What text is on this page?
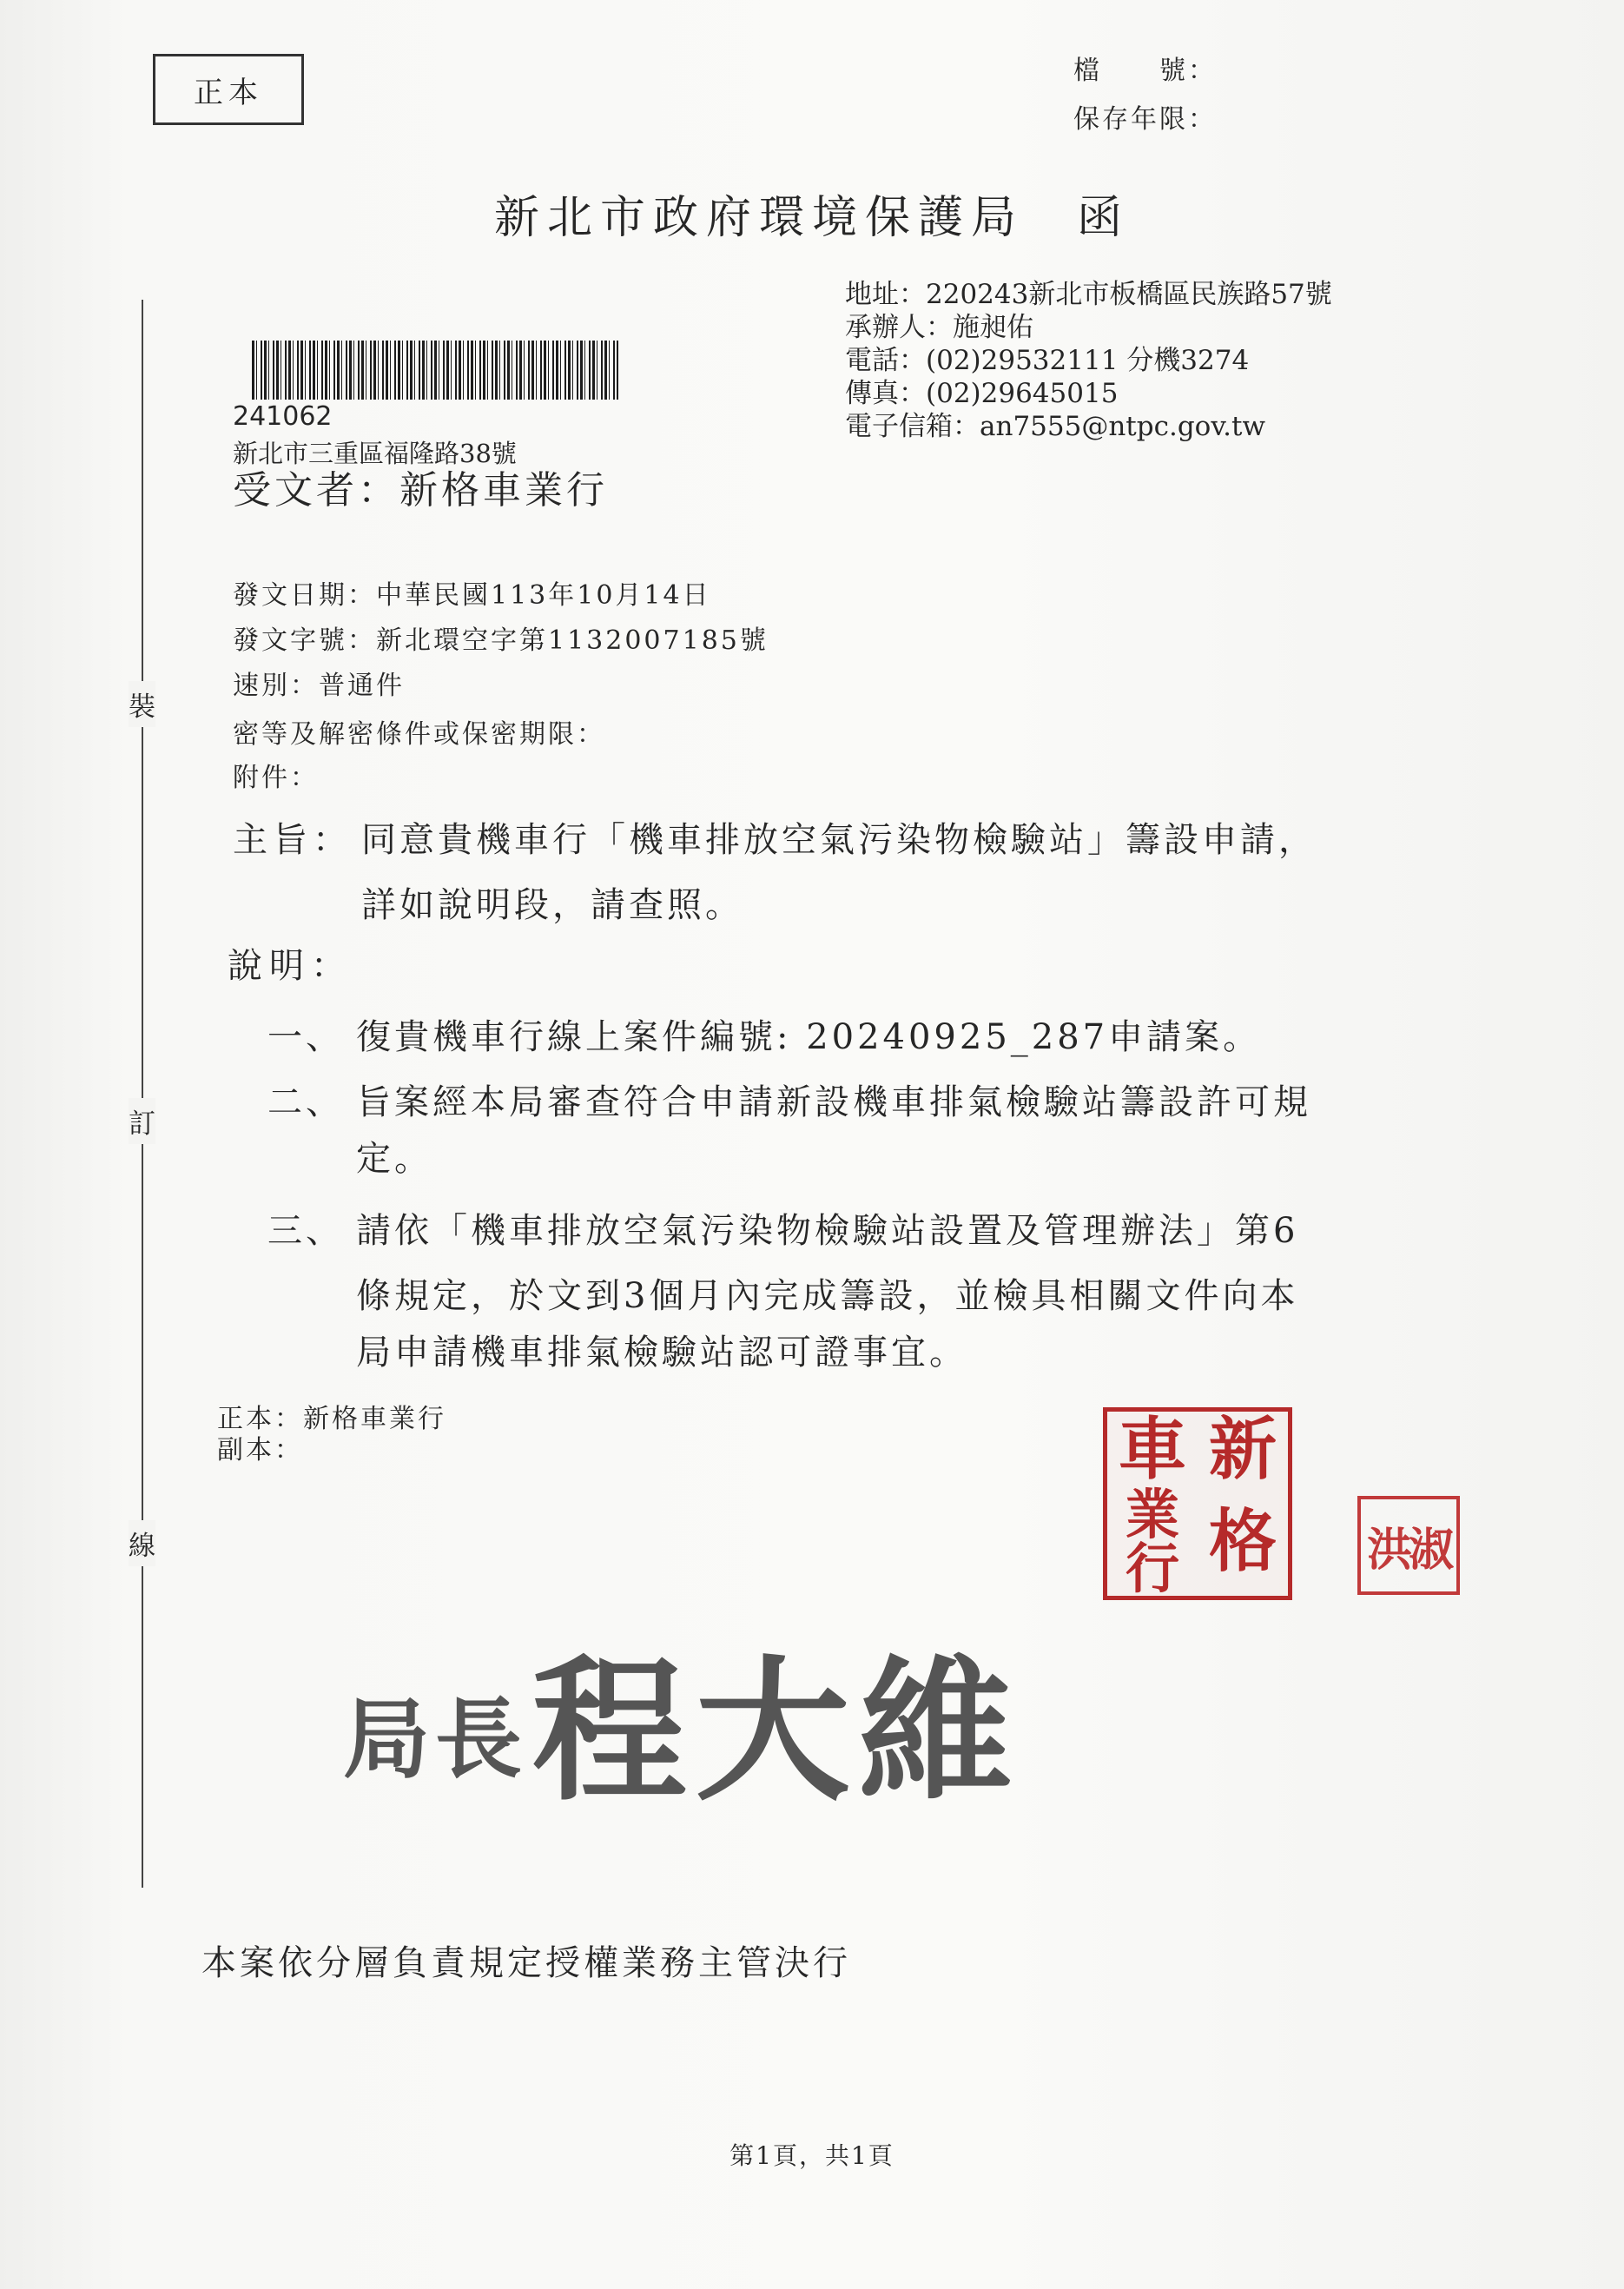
正本
檔　　號：
保存年限：
新北市政府環境保護局　函
地址：220243新北市板橋區民族路57號
承辦人：施昶佑
電話：(02)29532111 分機3274
傳真：(02)29645015
電子信箱：an7555@ntpc.gov.tw
241062
新北市三重區福隆路38號
受文者：新格車業行
發文日期：中華民國113年10月14日
發文字號：新北環空字第1132007185號
速別：普通件
密等及解密條件或保密期限：
附件：
主旨： 同意貴機車行「機車排放空氣污染物檢驗站」籌設申請，
詳如說明段，請查照。
說明：
一、 復貴機車行線上案件編號: 20240925_287申請案。
二、 旨案經本局審查符合申請新設機車排氣檢驗站籌設許可規
定。
三、 請依「機車排放空氣污染物檢驗站設置及管理辦法」第6
條規定，於文到3個月內完成籌設，並檢具相關文件向本
局申請機車排氣檢驗站認可證事宜。
正本：新格車業行
副本：
裝
訂
線
車 新
業
行 格 洪淑
局長 程大維
本案依分層負責規定授權業務主管決行
第1頁，共1頁
